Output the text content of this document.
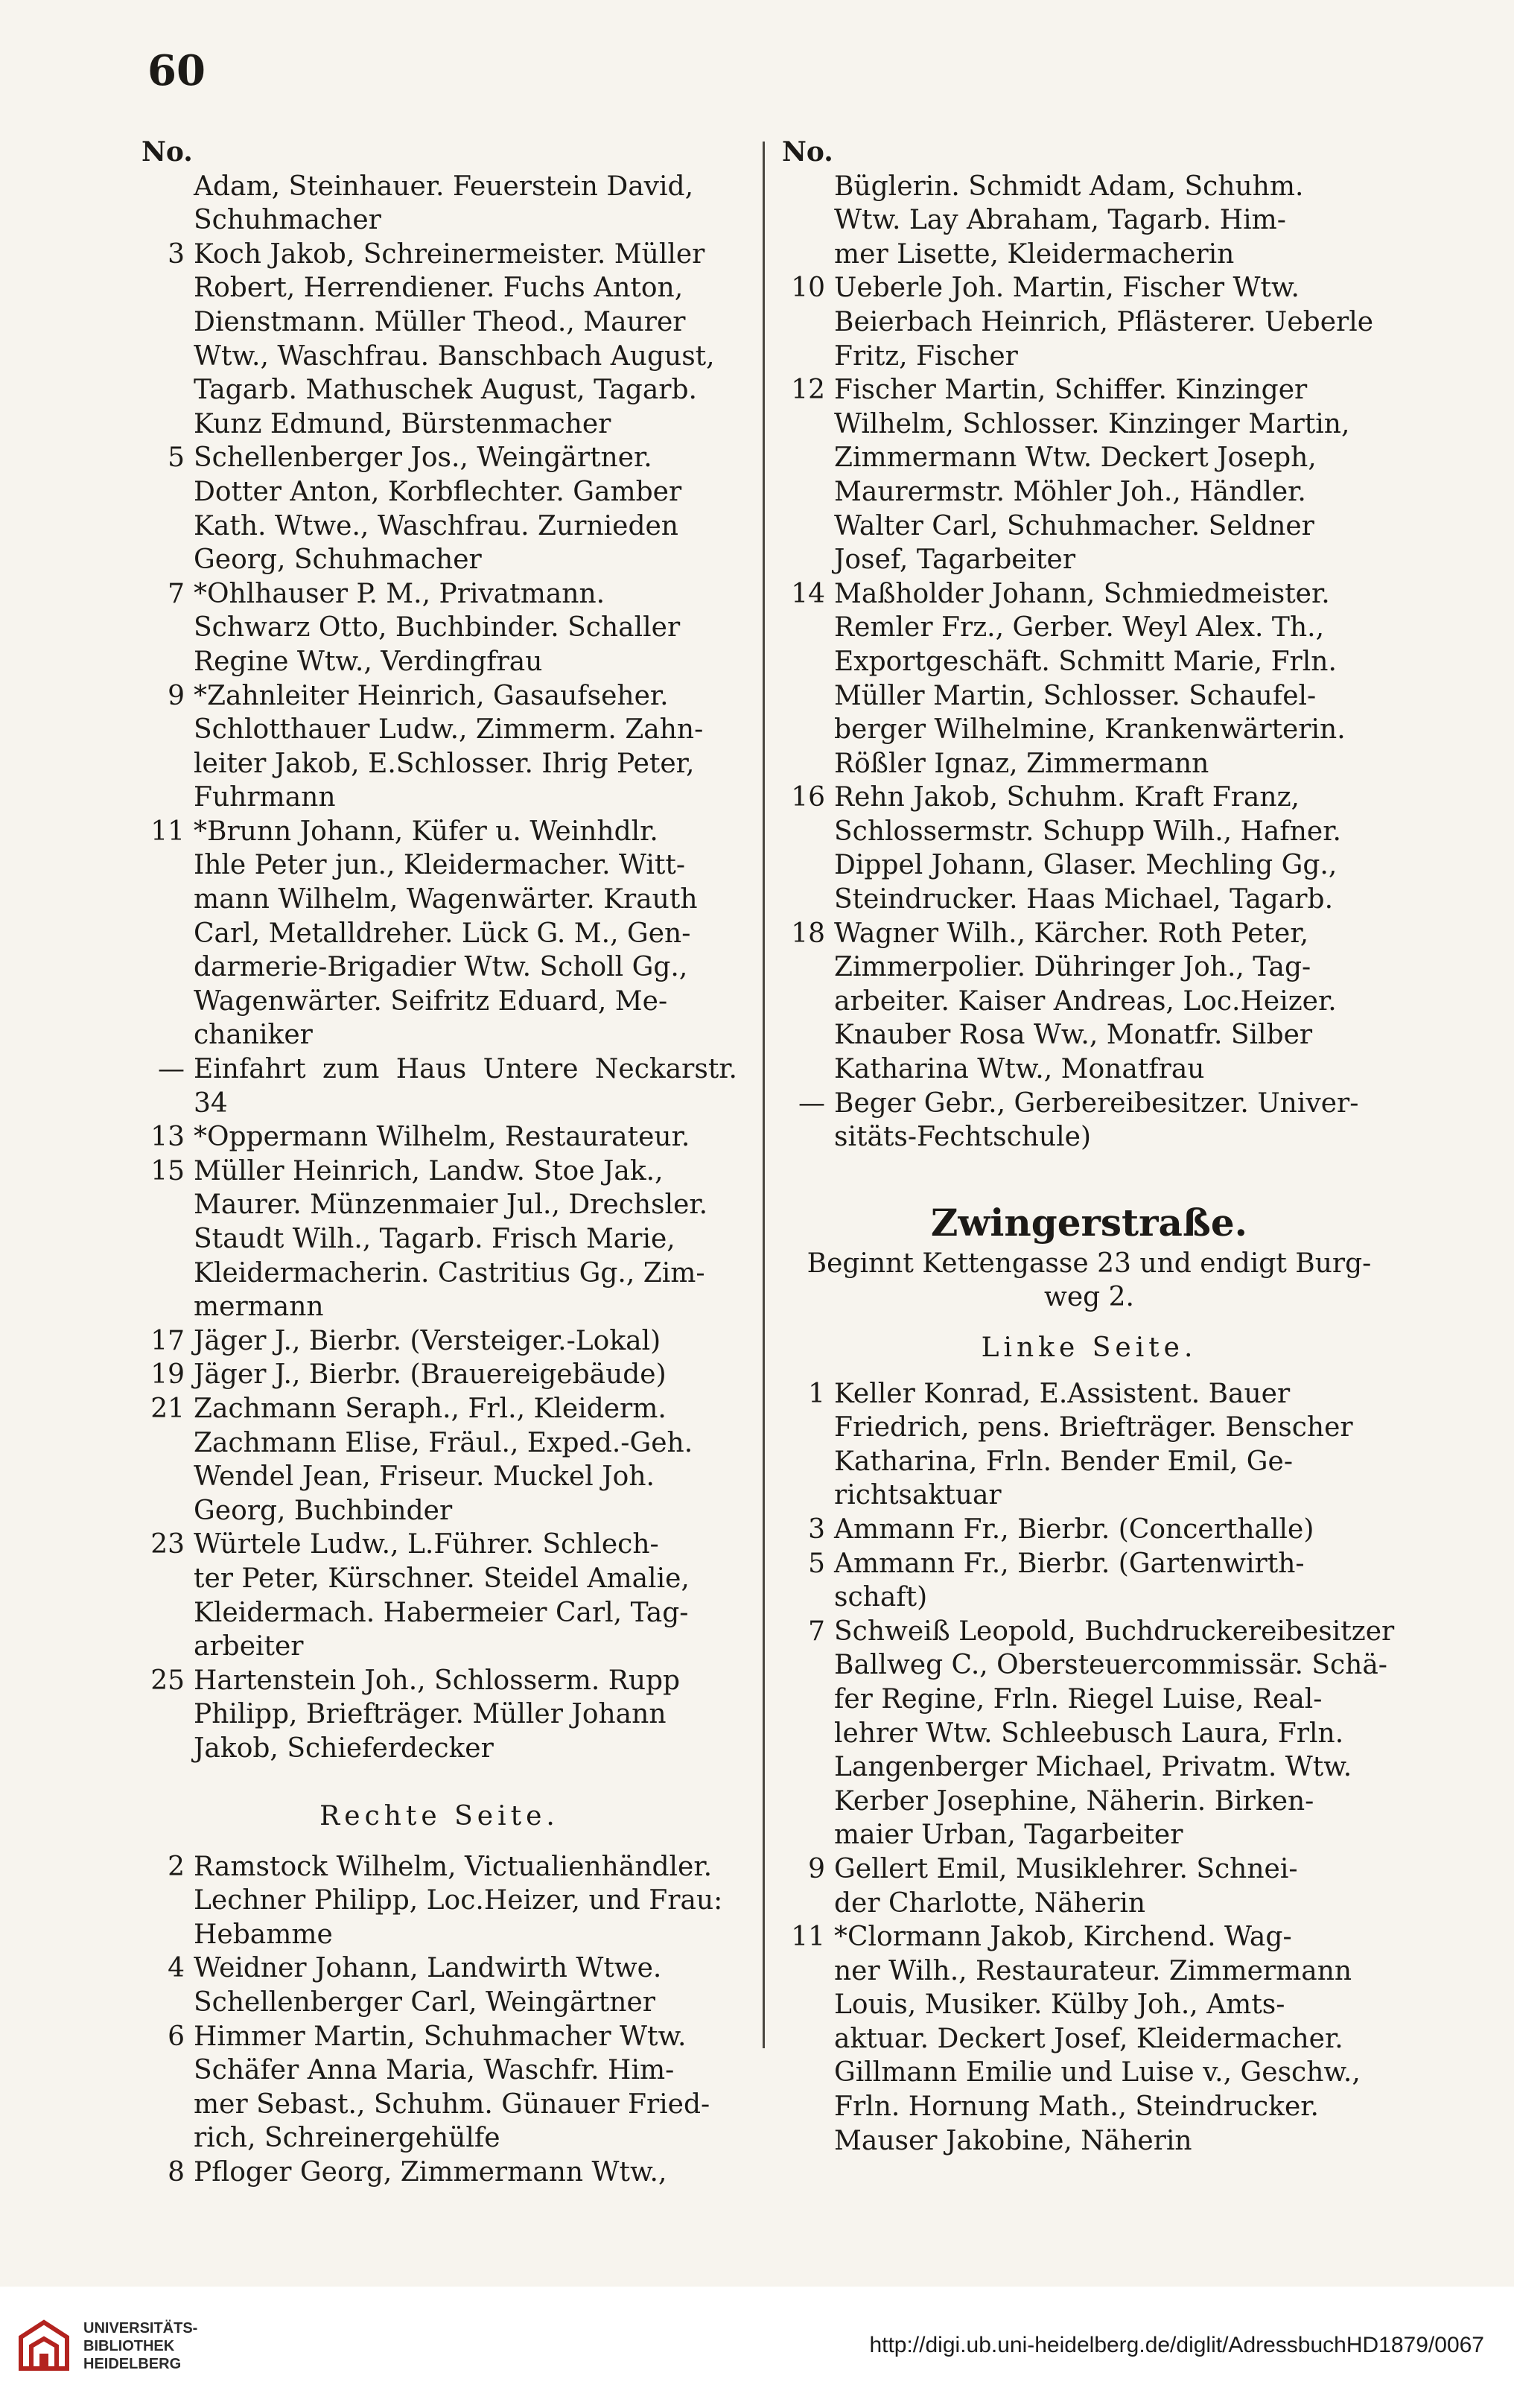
60
No.
Adam, Steinhauer. Feuerstein David,
Schuhmacher
3 Koch Jakob, Schreinermeister. Müller
Robert, Herrendiener. Fuchs Anton,
Dienstmann. Müller Theod., Maurer
Wtw., Waschfrau. Banschbach August,
Tagarb. Mathuschek August, Tagarb.
Kunz Edmund, Bürstenmacher
5 Schellenberger Jos., Weingärtner.
Dotter Anton, Korbflechter. Gamber
Kath. Wtwe., Waschfrau. Zurnieden
Georg, Schuhmacher
7 *Ohlhauser P. M., Privatmann.
Schwarz Otto, Buchbinder. Schaller
Regine Wtw., Verdingfrau
9 *Zahnleiter Heinrich, Gasaufseher.
Schlotthauer Ludw., Zimmerm. Zahn-
leiter Jakob, E.Schlosser. Ihrig Peter,
Fuhrmann
11 *Brunn Johann, Küfer u. Weinhdlr.
Ihle Peter jun., Kleidermacher. Witt-
mann Wilhelm, Wagenwärter. Krauth
Carl, Metalldreher. Lück G. M., Gen-
darmerie-Brigadier Wtw. Scholl Gg.,
Wagenwärter. Seifritz Eduard, Me-
chaniker
— Einfahrt zum Haus Untere Neckarstr. 34
13 *Oppermann Wilhelm, Restaurateur.
15 Müller Heinrich, Landw. Stoe Jak.,
Maurer. Münzenmaier Jul., Drechsler.
Staudt Wilh., Tagarb. Frisch Marie,
Kleidermacherin. Castritius Gg., Zim-
mermann
17 Jäger J., Bierbr. (Versteiger.-Lokal)
19 Jäger J., Bierbr. (Brauereigebäude)
21 Zachmann Seraph., Frl., Kleiderm.
Zachmann Elise, Fräul., Exped.-Geh.
Wendel Jean, Friseur. Muckel Joh.
Georg, Buchbinder
23 Würtele Ludw., L.Führer. Schlech-
ter Peter, Kürschner. Steidel Amalie,
Kleidermach. Habermeier Carl, Tag-
arbeiter
25 Hartenstein Joh., Schlosserm. Rupp
Philipp, Briefträger. Müller Johann
Jakob, Schieferdecker
Rechte Seite.
2 Ramstock Wilhelm, Victualienhändler.
Lechner Philipp, Loc.Heizer, und Frau:
Hebamme
4 Weidner Johann, Landwirth Wtwe.
Schellenberger Carl, Weingärtner
6 Himmer Martin, Schuhmacher Wtw.
Schäfer Anna Maria, Waschfr. Him-
mer Sebast., Schuhm. Günauer Fried-
rich, Schreinergehülfe
8 Pfloger Georg, Zimmermann Wtw.,
No.
Büglerin. Schmidt Adam, Schuhm.
Wtw. Lay Abraham, Tagarb. Him-
mer Lisette, Kleidermacherin
10 Ueberle Joh. Martin, Fischer Wtw.
Beierbach Heinrich, Pflästerer. Ueberle
Fritz, Fischer
12 Fischer Martin, Schiffer. Kinzinger
Wilhelm, Schlosser. Kinzinger Martin,
Zimmermann Wtw. Deckert Joseph,
Maurermstr. Möhler Joh., Händler.
Walter Carl, Schuhmacher. Seldner
Josef, Tagarbeiter
14 Maßholder Johann, Schmiedmeister.
Remler Frz., Gerber. Weyl Alex. Th.,
Exportgeschäft. Schmitt Marie, Frln.
Müller Martin, Schlosser. Schaufel-
berger Wilhelmine, Krankenwärterin.
Rößler Ignaz, Zimmermann
16 Rehn Jakob, Schuhm. Kraft Franz,
Schlossermstr. Schupp Wilh., Hafner.
Dippel Johann, Glaser. Mechling Gg.,
Steindrucker. Haas Michael, Tagarb.
18 Wagner Wilh., Kärcher. Roth Peter,
Zimmerpolier. Dühringer Joh., Tag-
arbeiter. Kaiser Andreas, Loc.Heizer.
Knauber Rosa Ww., Monatfr. Silber
Katharina Wtw., Monatfrau
— Beger Gebr., Gerbereibesitzer. Univer-
sitäts-Fechtschule)
Zwingerstraße.
Beginnt Kettengasse 23 und endigt Burg-
weg 2.
Linke Seite.
1 Keller Konrad, E.Assistent. Bauer
Friedrich, pens. Briefträger. Benscher
Katharina, Frln. Bender Emil, Ge-
richtsaktuar
3 Ammann Fr., Bierbr. (Concerthalle)
5 Ammann Fr., Bierbr. (Gartenwirth-
schaft)
7 Schweiß Leopold, Buchdruckereibesitzer
Ballweg C., Obersteuercommissär. Schä-
fer Regine, Frln. Riegel Luise, Real-
lehrer Wtw. Schleebusch Laura, Frln.
Langenberger Michael, Privatm. Wtw.
Kerber Josephine, Näherin. Birken-
maier Urban, Tagarbeiter
9 Gellert Emil, Musiklehrer. Schnei-
der Charlotte, Näherin
11 *Clormann Jakob, Kirchend. Wag-
ner Wilh., Restaurateur. Zimmermann
Louis, Musiker. Külby Joh., Amts-
aktuar. Deckert Josef, Kleidermacher.
Gillmann Emilie und Luise v., Geschw.,
Frln. Hornung Math., Steindrucker.
Mauser Jakobine, Näherin
UNIVERSITÄTS-
BIBLIOTHEK
HEIDELBERG
http://digi.ub.uni-heidelberg.de/diglit/AdressbuchHD1879/0067
